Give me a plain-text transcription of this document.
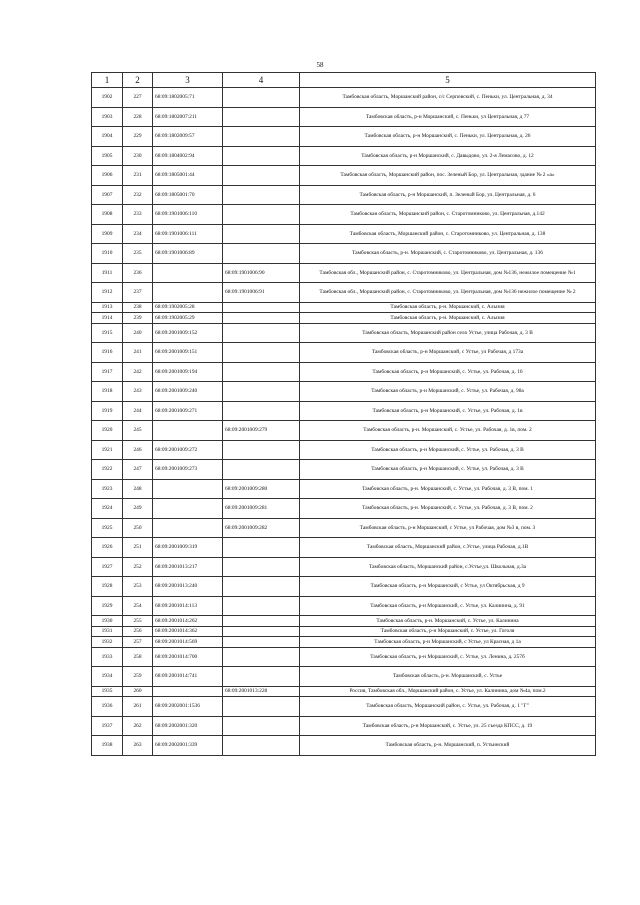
58
1	2	3	4	5
1902	227	68:09:1802005:71		Тамбовская область, Моршанский район, с/с Серповский, с. Пеньки, ул. Центральная, д. 34
1903	228	68:09:1802007:211		Тамбовская область, р-н Моршанский, с. Пеньки, ул Центральная, д 77
1904	229	68:09:1802009:57		Тамбовская область, р-н Моршанский, с. Пеньки, ул. Центральная, д. 26
1905	230	68:09:1804002:94		Тамбовская область, р-н Моршанский, с. Давыдово, ул. 2-я Лемасово, д. 12
1906	231	68:09:1805001:44		Тамбовская область, Моршанский район, пос. Зеленый Бор, ул. Центральная, здание № 2 «а»
1907	232	68:09:1805001:70		Тамбовская область, р-н Моршанский, п. Зеленый Бор, ул. Центральная, д. 6
1908	233	68:09:1901006:110		Тамбовская область, Моршанский район, с. Старотомниково, ул. Центральная, д.142
1909	234	68:09:1901006:111		Тамбовская область, Моршанский район, с. Старотомниково, ул. Центральная, д. 138
1910	235	68:09:1901006:89		Тамбовская область, р-н. Моршанский, с. Старотомниково, ул. Центральная, д. 136
1911	236		68:09:1901006:90	Тамбовская обл., Моршанский район, с. Старотомниково, ул. Центральная, дом №136, нежилое помещение №1
1912	237		68:09:1901006:91	Тамбовская обл., Моршанский район, с. Старотомниково, ул. Центральная, дом №136 нежилое помещение № 2
1913	238	68:09:1902005:28		Тамбовская область, р-н. Моршанский, с. Алызия
1914	239	68:09:1902005:29		Тамбовская область, р-н. Моршанский, с. Алызия
1915	240	68:09:2001009:152		Тамбовская область, Моршанский район село Устье, улица Рабочая, д. 3 В
1916	241	68:09:2001009:151		Тамбовская область, р-н Моршанский, с Устье, ул Рабочая, д 173а
1917	242	68:09:2001009:194		Тамбовская область, р-н Моршанский, с. Устье, ул. Рабочая, д. 16
1918	243	68:09:2001009:240		Тамбовская область, р-н Моршанский, с. Устье, ул. Рабочая, д. 98а
1919	244	68:09:2001009:271		Тамбовская область, р-н Моршанский, с. Устье, ул. Рабочая, д. 1в
1920	245		68:09:2001009:279	Тамбовская область, р-н. Моршанский, с. Устье, ул. Рабочая, д. 1в, пом. 2
1921	246	68:09:2001009:272		Тамбовская область, р-н Моршанский, с. Устье, ул. Рабочая, д. 3 В
1922	247	68:09:2001009:273		Тамбовская область, р-н Моршанский, с. Устье, ул. Рабочая, д. 3 В
1923	248		68:09:2001009:280	Тамбовская область, р-н. Моршанский, с. Устье, ул. Рабочая, д. 3 В, пом. 1
1924	249		68:09:2001009:281	Тамбовская область, р-н. Моршанский, с. Устье, ул. Рабочая, д. 3 В, пом. 2
1925	250		68:09:2001009:282	Тамбовская область, р-н Моршанский, с Устье, ул Рабочая, дом №3 в, пом. 3
1926	251	68:09:2001009:319		Тамбовская область, Моршанский район, с.Устье, улица Рабочая, д.1В
1927	252	68:09:2001013:217		Тамбовская область, Моршанский район, с.Устье,ул. Школьная, д.3а
1928	253	68:09:2001013:240		Тамбовская область, р-н Моршанский, с Устье, ул Октябрьская, д 9
1929	254	68:09:2001014:113		Тамбовская область, р-н Моршанский, с. Устье, ул. Калинина, д. 91
1930	255	68:09:2001014:262		Тамбовская область, р-н. Моршанский, с. Устье, ул. Калинина
1931	256	68:09:2001014:362		Тамбовская область, р-н Моршанский, с. Устье, ул. Гоголя
1932	257	68:09:2001014:569		Тамбовская область, р-н Моршанский, с Устье, ул Красная, д 1а
1933	258	68:09:2001014:700		Тамбовская область, р-н Моршанский, с. Устье, ул. Ленина, д. 257б
1934	259	68:09:2001014:741		Тамбовская область, р-н. Моршанский, с. Устье
1935	260		68:09:2001013:228	Россия, Тамбовская обл., Моршанский район, с. Устье, ул. Калинина, дом №4а, пом.2
1936	261	68:09:2002001:1536		Тамбовская область, Моршанский район, с. Устье, ул. Рабочая, д. 1 "Г"
1937	262	68:09:2002001:320		Тамбовская область, р-н Моршанский, с. Устье, ул. 25 съезда КПСС, д. 19
1938	263	68:09:2002001:339		Тамбовская область, р-н. Моршанский, п. Устьинский
